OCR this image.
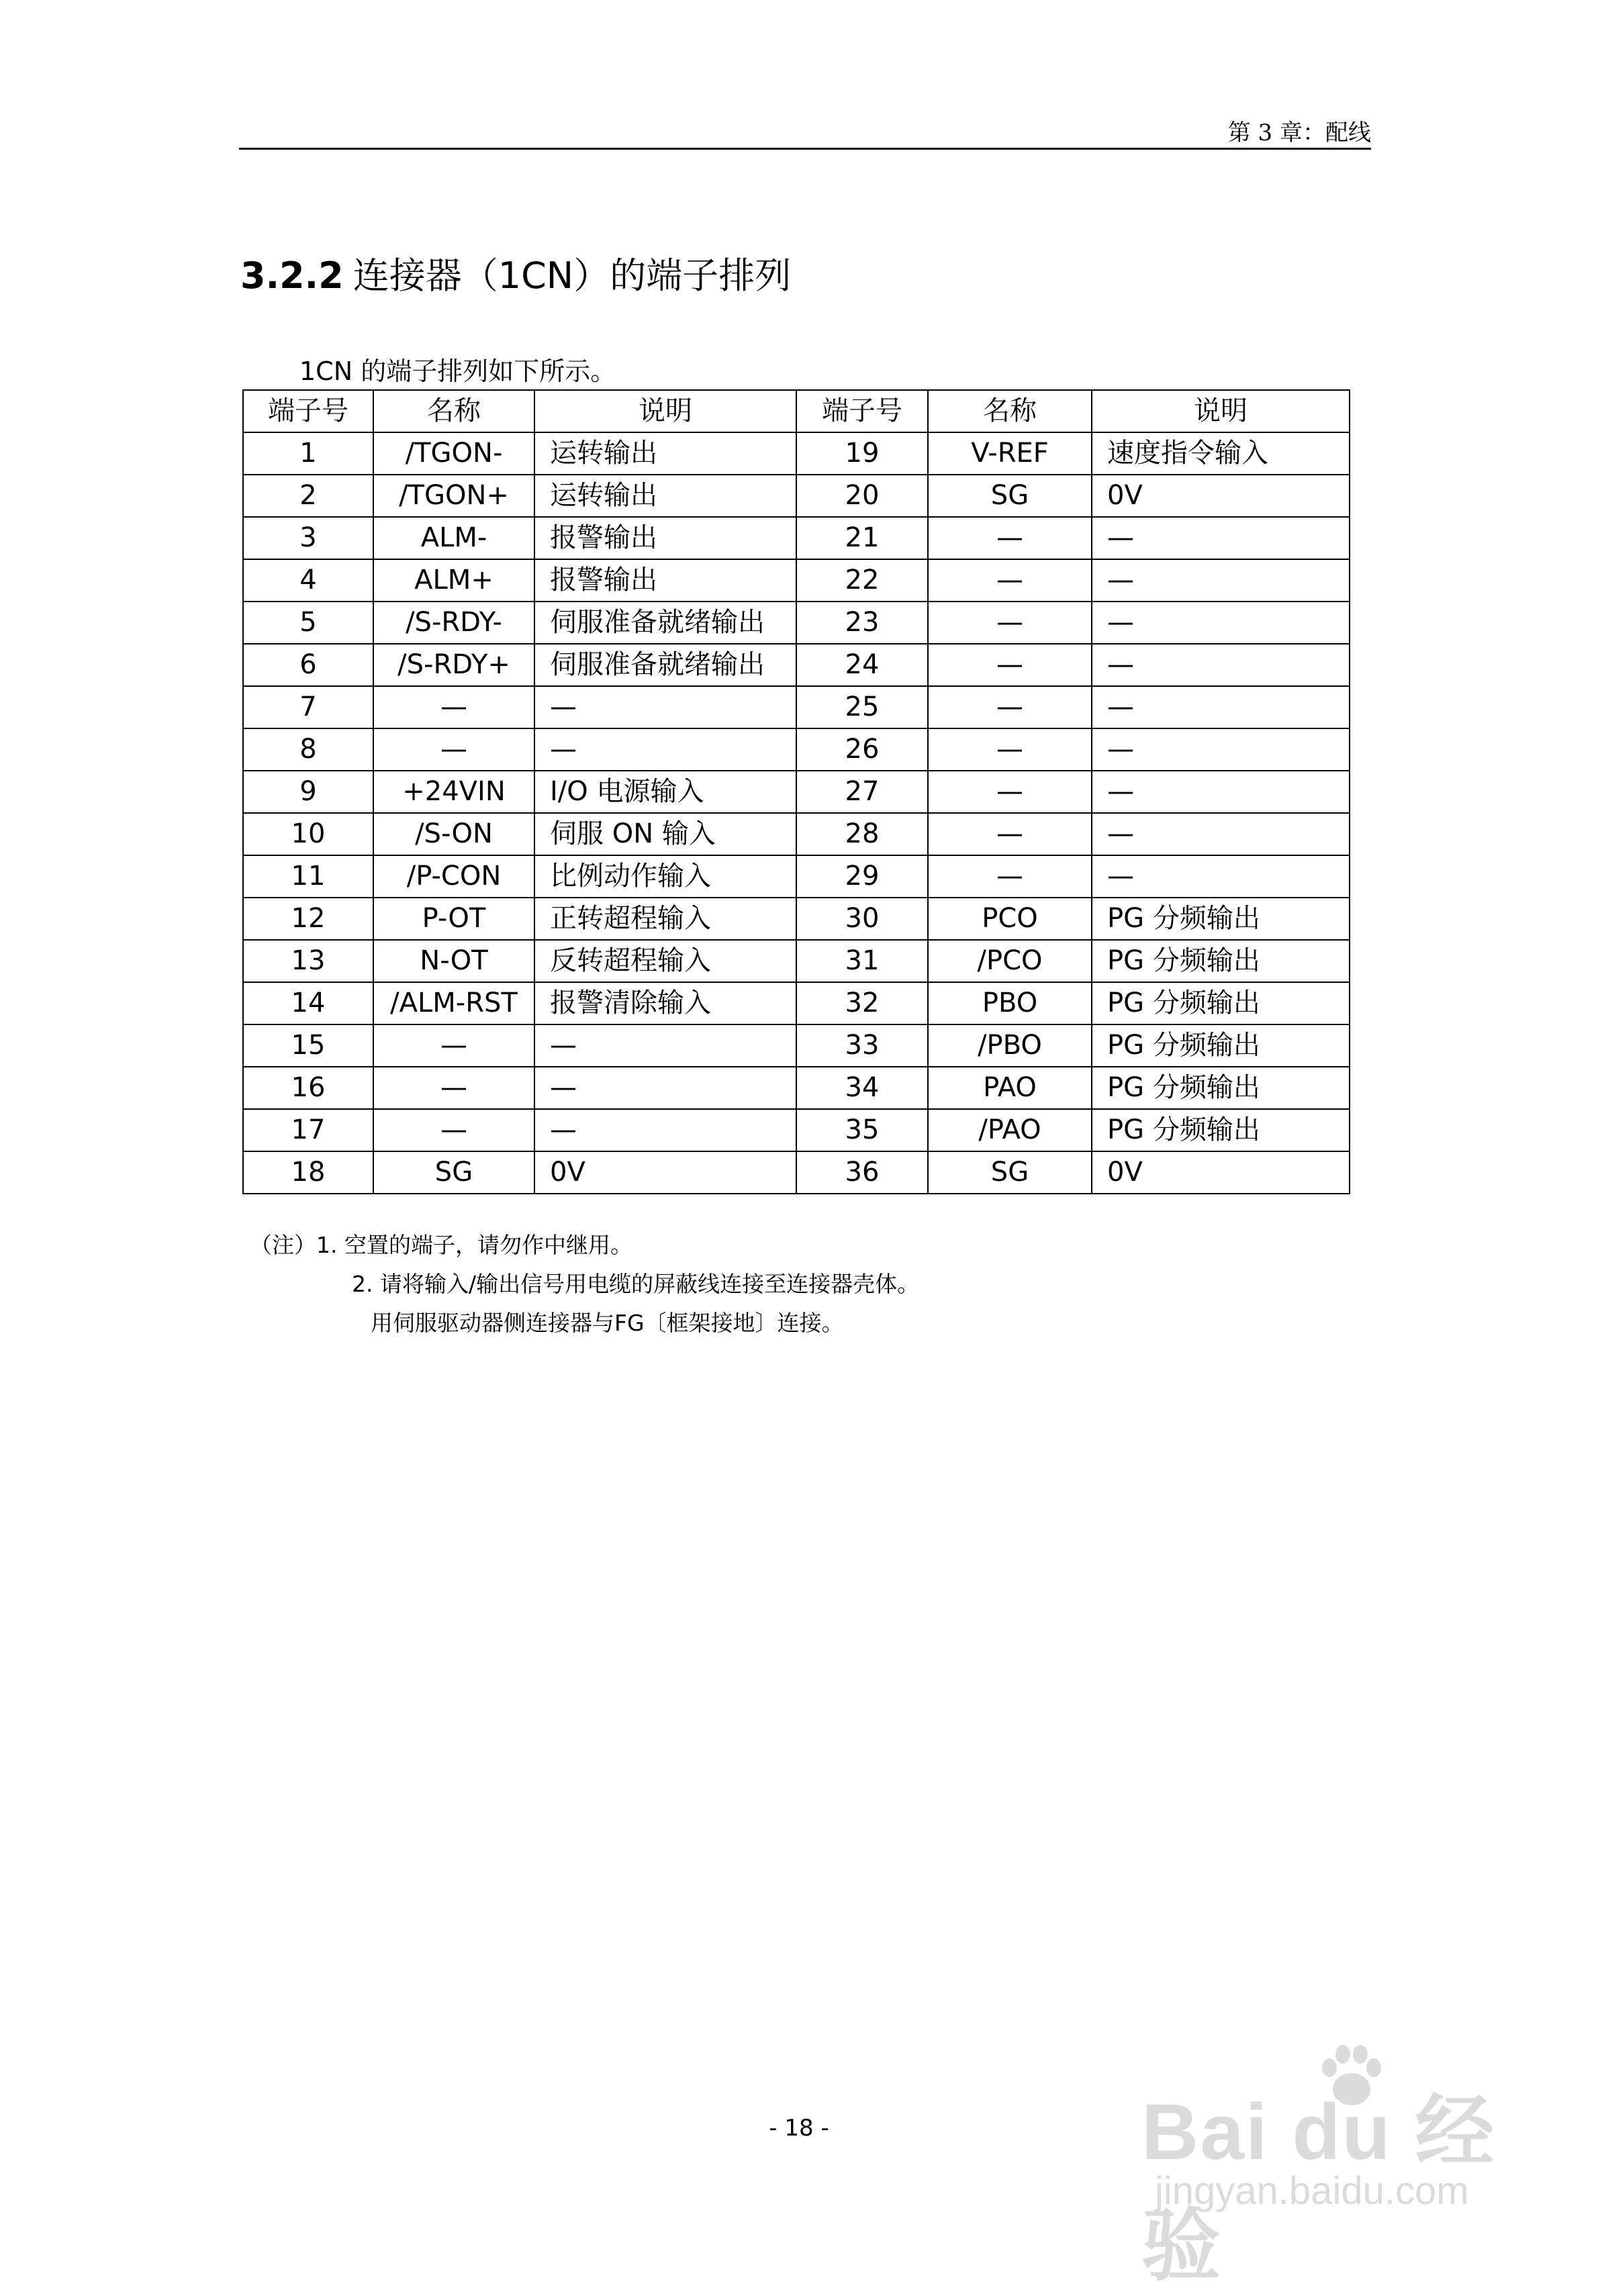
第 3 章：配线
3.2.2 连接器（1CN）的端子排列
1CN 的端子排列如下所示。
端子号	名称	说明	端子号	名称	说明
1	/TGON-	运转输出	19	V-REF	速度指令输入
2	/TGON+	运转输出	20	SG	0V
3	ALM-	报警输出	21	—	—
4	ALM+	报警输出	22	—	—
5	/S-RDY-	伺服准备就绪输出	23	—	—
6	/S-RDY+	伺服准备就绪输出	24	—	—
7	—	—	25	—	—
8	—	—	26	—	—
9	+24VIN	I/O 电源输入	27	—	—
10	/S-ON	伺服 ON 输入	28	—	—
11	/P-CON	比例动作输入	29	—	—
12	P-OT	正转超程输入	30	PCO	PG 分频输出
13	N-OT	反转超程输入	31	/PCO	PG 分频输出
14	/ALM-RST	报警清除输入	32	PBO	PG 分频输出
15	—	—	33	/PBO	PG 分频输出
16	—	—	34	PAO	PG 分频输出
17	—	—	35	/PAO	PG 分频输出
18	SG	0V	36	SG	0V
（注）1. 空置的端子，请勿作中继用。
2. 请将输入/输出信号用电缆的屏蔽线连接至连接器壳体。
用伺服驱动器侧连接器与FG〔框架接地〕连接。
- 18 -	Bai du 经验
jingyan.baidu.com
